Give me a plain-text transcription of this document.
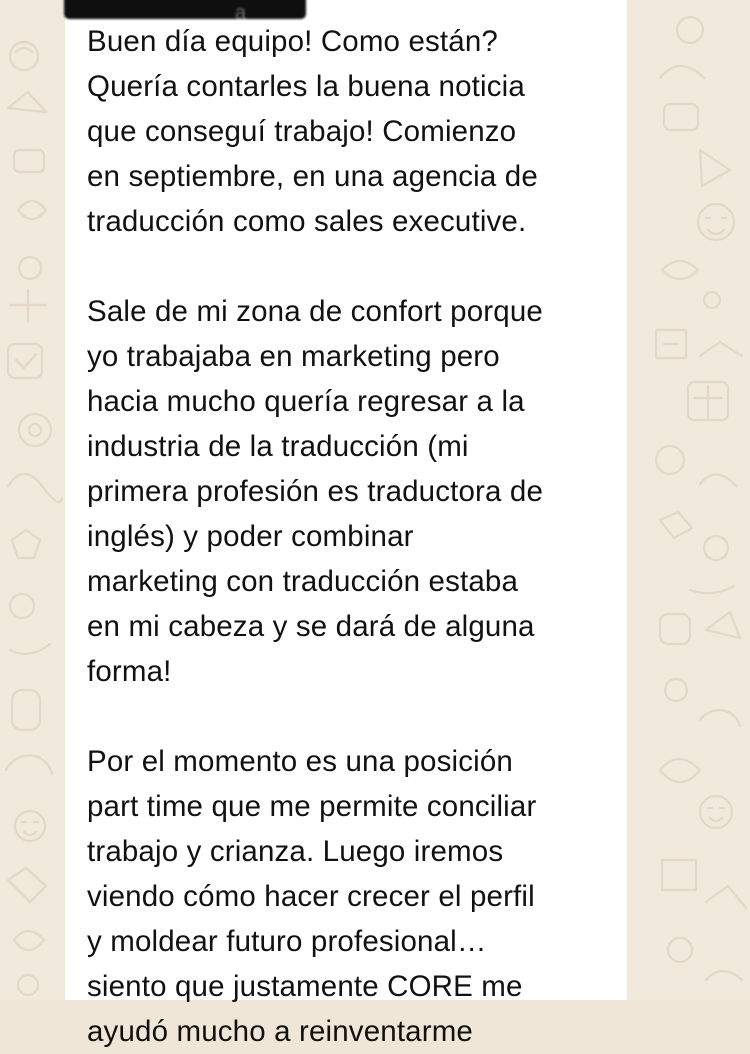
a
Buen día equipo! Como están?
Quería contarles la buena noticia
que conseguí trabajo! Comienzo
en septiembre, en una agencia de
traducción como sales executive.
Sale de mi zona de confort porque
yo trabajaba en marketing pero
hacia mucho quería regresar a la
industria de la traducción (mi
primera profesión es traductora de
inglés) y poder combinar
marketing con traducción estaba
en mi cabeza y se dará de alguna
forma!
Por el momento es una posición
part time que me permite conciliar
trabajo y crianza. Luego iremos
viendo cómo hacer crecer el perfil
y moldear futuro profesional…
siento que justamente CORE me
ayudó mucho a reinventarme
